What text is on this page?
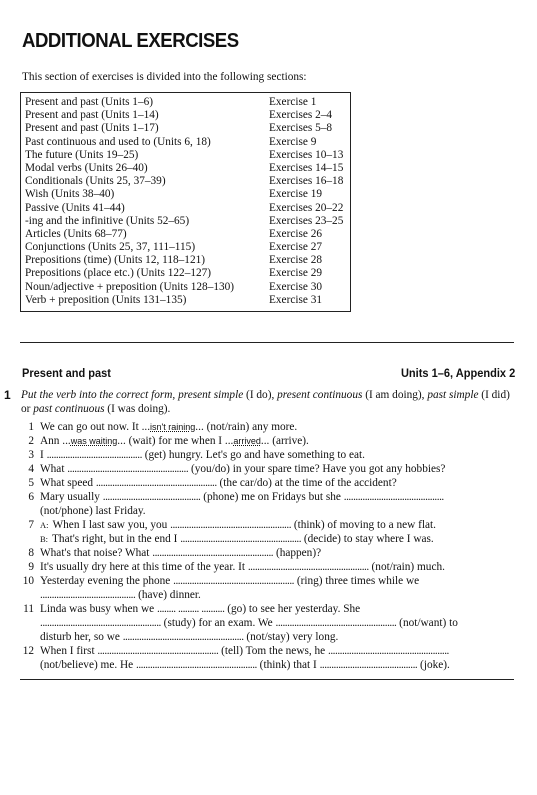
ADDITIONAL EXERCISES
This section of exercises is divided into the following sections:
Present and past (Units 1–6)	Exercise 1
Present and past (Units 1–14)	Exercises 2–4
Present and past (Units 1–17)	Exercises 5–8
Past continuous and used to (Units 6, 18)	Exercise 9
The future (Units 19–25)	Exercises 10–13
Modal verbs (Units 26–40)	Exercises 14–15
Conditionals (Units 25, 37–39)	Exercises 16–18
Wish (Units 38–40)	Exercise 19
Passive (Units 41–44)	Exercises 20–22
-ing and the infinitive (Units 52–65)	Exercises 23–25
Articles (Units 68–77)	Exercise 26
Conjunctions (Units 25, 37, 111–115)	Exercise 27
Prepositions (time) (Units 12, 118–121)	Exercise 28
Prepositions (place etc.) (Units 122–127)	Exercise 29
Noun/adjective + preposition (Units 128–130)	Exercise 30
Verb + preposition (Units 131–135)	Exercise 31
Present and past	Units 1–6, Appendix 2
1 Put the verb into the correct form, present simple (I do), present continuous (I am doing), past simple (I did) or past continuous (I was doing).
1 We can go out now. It ...isn't raining... (not/rain) any more.
2 Ann ...was waiting... (wait) for me when I ...arrived... (arrive).
3 I ......................................... (get) hungry. Let's go and have something to eat.
4 What .................................................... (you/do) in your spare time? Have you got any hobbies?
5 What speed .................................................... (the car/do) at the time of the accident?
6 Mary usually .......................................... (phone) me on Fridays but she ...........................................
(not/phone) last Friday.
7 A: When I last saw you, you .................................................... (think) of moving to a new flat.
B: That's right, but in the end I .................................................... (decide) to stay where I was.
8 What's that noise? What .................................................... (happen)?
9 It's usually dry here at this time of the year. It .................................................... (not/rain) much.
10 Yesterday evening the phone .................................................... (ring) three times while we
......................................... (have) dinner.
11 Linda was busy when we ........ ......... .......... (go) to see her yesterday. She
.................................................... (study) for an exam. We .................................................... (not/want) to
disturb her, so we .................................................... (not/stay) very long.
12 When I first .................................................... (tell) Tom the news, he ....................................................
(not/believe) me. He .................................................... (think) that I .......................................... (joke).
